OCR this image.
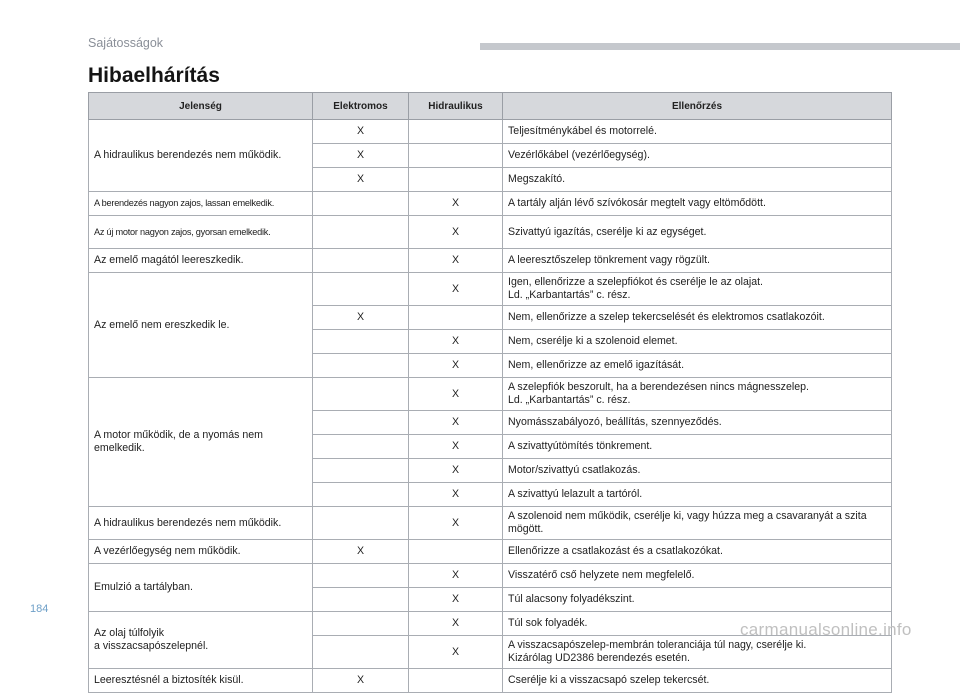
Sajátosságok
Hibaelhárítás
Jelenség	Elektromos	Hidraulikus	Ellenőrzés
A hidraulikus berendezés nem működik.	X		Teljesítménykábel és motorrelé.
	X		Vezérlőkábel (vezérlőegység).
	X		Megszakító.
A berendezés nagyon zajos, lassan emelkedik.		X	A tartály alján lévő szívókosár megtelt vagy eltömődött.
Az új motor nagyon zajos, gyorsan emelkedik.		X	Szivattyú igazítás, cserélje ki az egységet.
Az emelő magától leereszkedik.		X	A leeresztőszelep tönkrement vagy rögzült.
Az emelő nem ereszkedik le.		X	Igen, ellenőrizze a szelepfiókot és cserélje le az olajat.
Ld. „Karbantartás” c. rész.
	X		Nem, ellenőrizze a szelep tekercselését és elektromos csatlakozóit.
		X	Nem, cserélje ki a szolenoid elemet.
		X	Nem, ellenőrizze az emelő igazítását.
A motor működik, de a nyomás nem emelkedik.		X	A szelepfiók beszorult, ha a berendezésen nincs mágnesszelep.
Ld. „Karbantartás” c. rész.
		X	Nyomásszabályozó, beállítás, szennyeződés.
		X	A szivattyútömítés tönkrement.
		X	Motor/szivattyú csatlakozás.
		X	A szivattyú lelazult a tartóról.
A hidraulikus berendezés nem működik.		X	A szolenoid nem működik, cserélje ki, vagy húzza meg a csavaranyát a szita mögött.
A vezérlőegység nem működik.	X		Ellenőrizze a csatlakozást és a csatlakozókat.
Emulzió a tartályban.		X	Visszatérő cső helyzete nem megfelelő.
		X	Túl alacsony folyadékszint.
Az olaj túlfolyik
a visszacsapószelepnél.		X	Túl sok folyadék.
		X	A visszacsapószelep-membrán toleranciája túl nagy, cserélje ki.
Kizárólag UD2386 berendezés esetén.
Leeresztésnél a biztosíték kisül.	X		Cserélje ki a visszacsapó szelep tekercsét.
184
carmanualsonline.info
